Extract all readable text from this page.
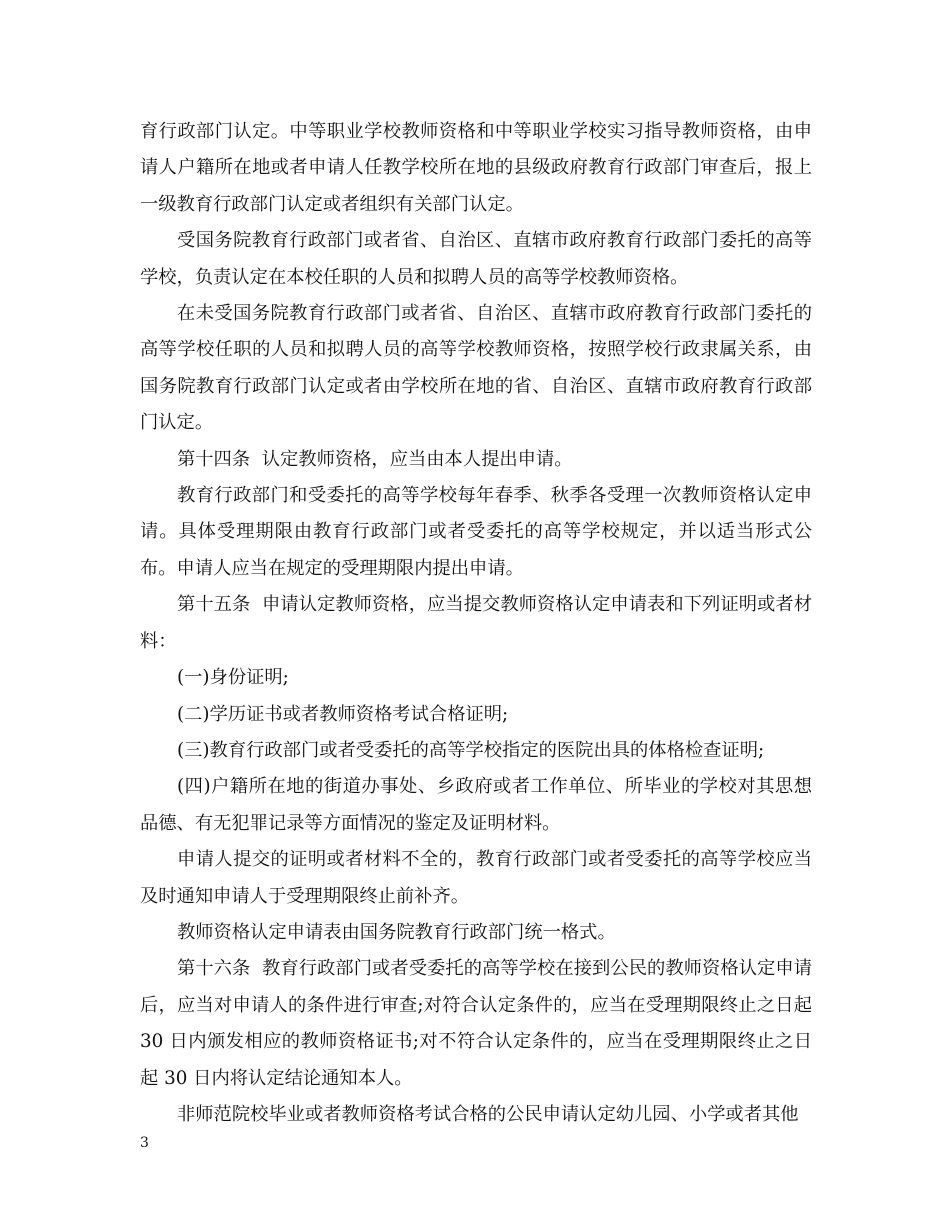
育行政部门认定。中等职业学校教师资格和中等职业学校实习指导教师资格，由申请人户籍所在地或者申请人任教学校所在地的县级政府教育行政部门审查后，报上一级教育行政部门认定或者组织有关部门认定。

受国务院教育行政部门或者省、自治区、直辖市政府教育行政部门委托的高等学校，负责认定在本校任职的人员和拟聘人员的高等学校教师资格。

在未受国务院教育行政部门或者省、自治区、直辖市政府教育行政部门委托的高等学校任职的人员和拟聘人员的高等学校教师资格，按照学校行政隶属关系，由国务院教育行政部门认定或者由学校所在地的省、自治区、直辖市政府教育行政部门认定。

第十四条  认定教师资格，应当由本人提出申请。

教育行政部门和受委托的高等学校每年春季、秋季各受理一次教师资格认定申请。具体受理期限由教育行政部门或者受委托的高等学校规定，并以适当形式公布。申请人应当在规定的受理期限内提出申请。

第十五条  申请认定教师资格，应当提交教师资格认定申请表和下列证明或者材料：

(一)身份证明;

(二)学历证书或者教师资格考试合格证明;

(三)教育行政部门或者受委托的高等学校指定的医院出具的体格检查证明;

(四)户籍所在地的街道办事处、乡政府或者工作单位、所毕业的学校对其思想品德、有无犯罪记录等方面情况的鉴定及证明材料。

申请人提交的证明或者材料不全的，教育行政部门或者受委托的高等学校应当及时通知申请人于受理期限终止前补齐。

教师资格认定申请表由国务院教育行政部门统一格式。

第十六条  教育行政部门或者受委托的高等学校在接到公民的教师资格认定申请后，应当对申请人的条件进行审查;对符合认定条件的，应当在受理期限终止之日起 30 日内颁发相应的教师资格证书;对不符合认定条件的，应当在受理期限终止之日起 30 日内将认定结论通知本人。

非师范院校毕业或者教师资格考试合格的公民申请认定幼儿园、小学或者其他

3
